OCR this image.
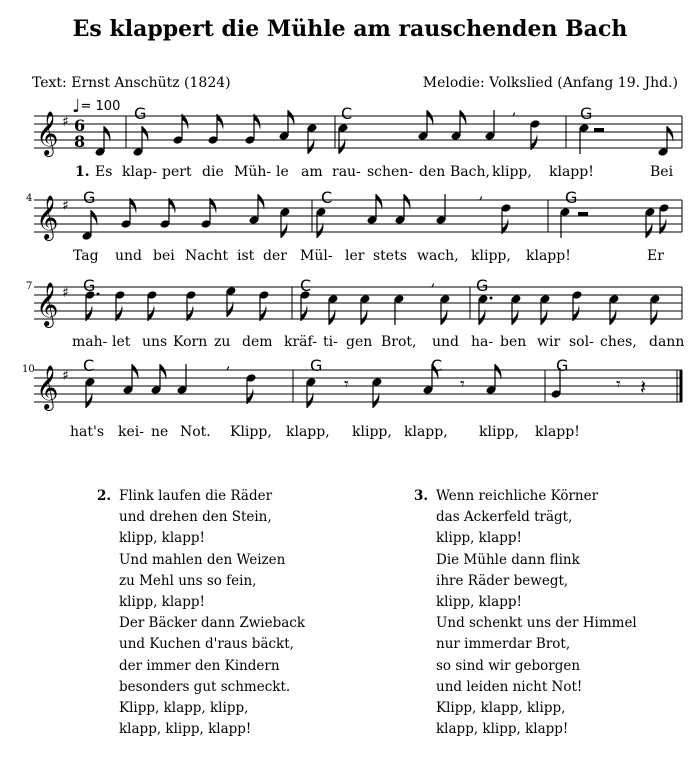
Es klappert die Mühle am rauschenden Bach
Text: Ernst Anschütz (1824)	Melodie: Volkslied (Anfang 19. Jhd.)
♩= 100
𝄞 ♯ 6
8
𝄞 ♯
𝄞 ♯
𝄞 ♯
,
,
,
,
𝄾	𝄾	𝄾 𝄽
G	C	G
4	G	C	G
7	G	C	G
10	C	G	C	G
1. Es klap- pert die Müh- le am rau- schen- den Bach, klipp, klapp!	Bei
Tag und bei Nacht ist der Mül- ler stets wach, klipp, klapp!	Er
mah- let uns Korn zu dem kräf- ti- gen Brot, und ha- ben wir sol- ches, dann
hat's kei- ne Not. Klipp, klapp, klipp, klapp, klipp, klapp!
2. Flink laufen die Räder
und drehen den Stein,
klipp, klapp!
Und mahlen den Weizen
zu Mehl uns so fein,
klipp, klapp!
Der Bäcker dann Zwieback
und Kuchen d'raus bäckt,
der immer den Kindern
besonders gut schmeckt.
Klipp, klapp, klipp,
klapp, klipp, klapp!
3. Wenn reichliche Körner
das Ackerfeld trägt,
klipp, klapp!
Die Mühle dann flink
ihre Räder bewegt,
klipp, klapp!
Und schenkt uns der Himmel
nur immerdar Brot,
so sind wir geborgen
und leiden nicht Not!
Klipp, klapp, klipp,
klapp, klipp, klapp!
